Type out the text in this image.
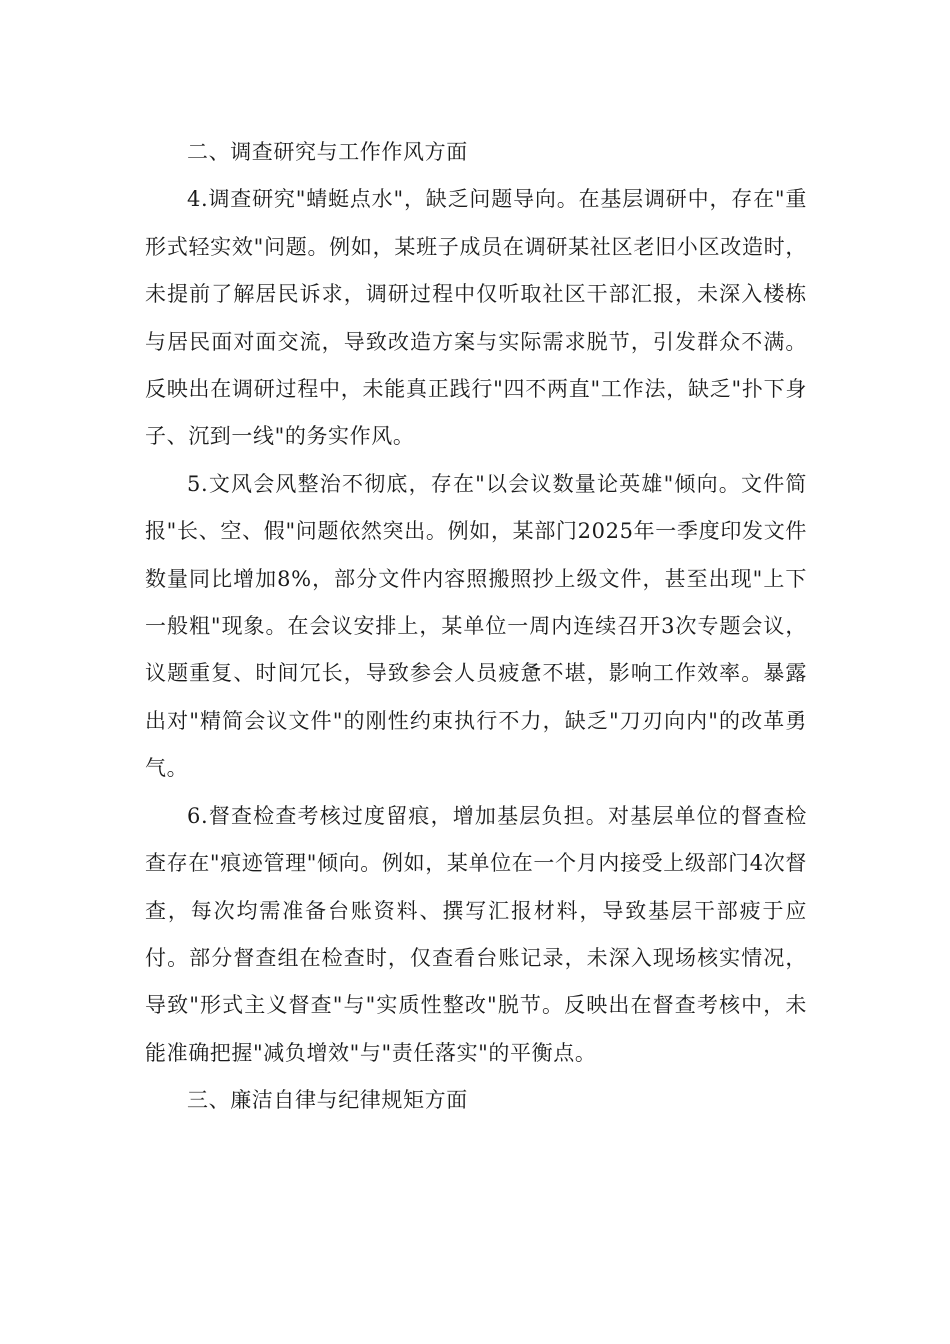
二、调查研究与工作作风方面

4.调查研究"蜻蜓点水"，缺乏问题导向。在基层调研中，存在"重形式轻实效"问题。例如，某班子成员在调研某社区老旧小区改造时，未提前了解居民诉求，调研过程中仅听取社区干部汇报，未深入楼栋与居民面对面交流，导致改造方案与实际需求脱节，引发群众不满。反映出在调研过程中，未能真正践行"四不两直"工作法，缺乏"扑下身子、沉到一线"的务实作风。

5.文风会风整治不彻底，存在"以会议数量论英雄"倾向。文件简报"长、空、假"问题依然突出。例如，某部门2025年一季度印发文件数量同比增加8%，部分文件内容照搬照抄上级文件，甚至出现"上下一般粗"现象。在会议安排上，某单位一周内连续召开3次专题会议，议题重复、时间冗长，导致参会人员疲惫不堪，影响工作效率。暴露出对"精简会议文件"的刚性约束执行不力，缺乏"刀刃向内"的改革勇气。

6.督查检查考核过度留痕，增加基层负担。对基层单位的督查检查存在"痕迹管理"倾向。例如，某单位在一个月内接受上级部门4次督查，每次均需准备台账资料、撰写汇报材料，导致基层干部疲于应付。部分督查组在检查时，仅查看台账记录，未深入现场核实情况，导致"形式主义督查"与"实质性整改"脱节。反映出在督查考核中，未能准确把握"减负增效"与"责任落实"的平衡点。

三、廉洁自律与纪律规矩方面
